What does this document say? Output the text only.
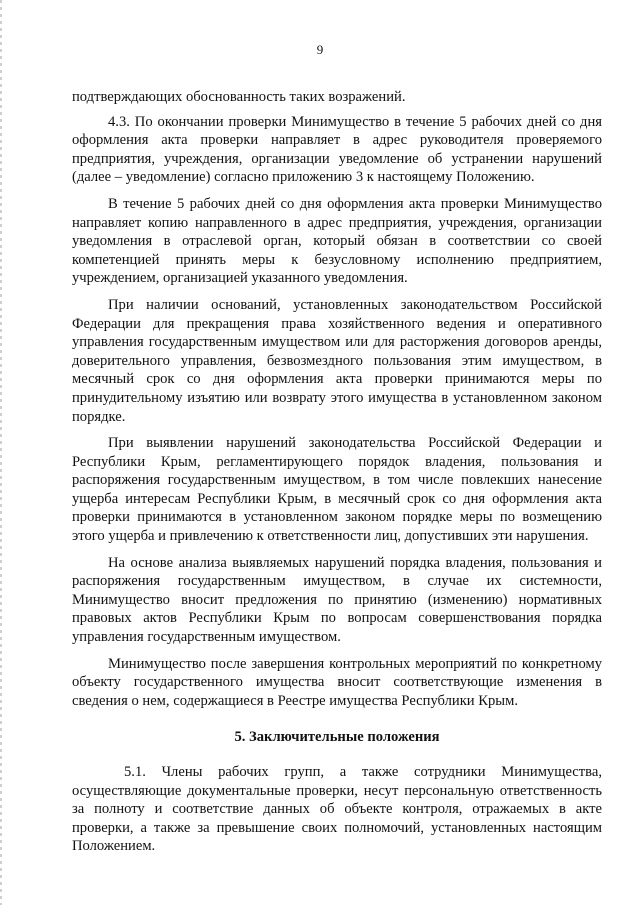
9

подтверждающих обоснованность таких возражений.

4.3. По окончании проверки Минимущество в течение 5 рабочих дней со дня оформления акта проверки направляет в адрес руководителя проверяемого предприятия, учреждения, организации уведомление об устранении нарушений (далее – уведомление) согласно приложению 3 к настоящему Положению.

В течение 5 рабочих дней со дня оформления акта проверки Минимущество направляет копию направленного в адрес предприятия, учреждения, организации уведомления в отраслевой орган, который обязан в соответствии со своей компетенцией принять меры к безусловному исполнению предприятием, учреждением, организацией указанного уведомления.

При наличии оснований, установленных законодательством Российской Федерации для прекращения права хозяйственного ведения и оперативного управления государственным имуществом или для расторжения договоров аренды, доверительного управления, безвозмездного пользования этим имуществом, в месячный срок со дня оформления акта проверки принимаются меры по принудительному изъятию или возврату этого имущества в установленном законом порядке.

При выявлении нарушений законодательства Российской Федерации и Республики Крым, регламентирующего порядок владения, пользования и распоряжения государственным имуществом, в том числе повлекших нанесение ущерба интересам Республики Крым, в месячный срок со дня оформления акта проверки принимаются в установленном законом порядке меры по возмещению этого ущерба и привлечению к ответственности лиц, допустивших эти нарушения.

На основе анализа выявляемых нарушений порядка владения, пользования и распоряжения государственным имуществом, в случае их системности, Минимущество вносит предложения по принятию (изменению) нормативных правовых актов Республики Крым по вопросам совершенствования порядка управления государственным имуществом.

Минимущество после завершения контрольных мероприятий по конкретному объекту государственного имущества вносит соответствующие изменения в сведения о нем, содержащиеся в Реестре имущества Республики Крым.

5. Заключительные положения

5.1. Члены рабочих групп, а также сотрудники Минимущества, осуществляющие документальные проверки, несут персональную ответственность за полноту и соответствие данных об объекте контроля, отражаемых в акте проверки, а также за превышение своих полномочий, установленных настоящим Положением.
